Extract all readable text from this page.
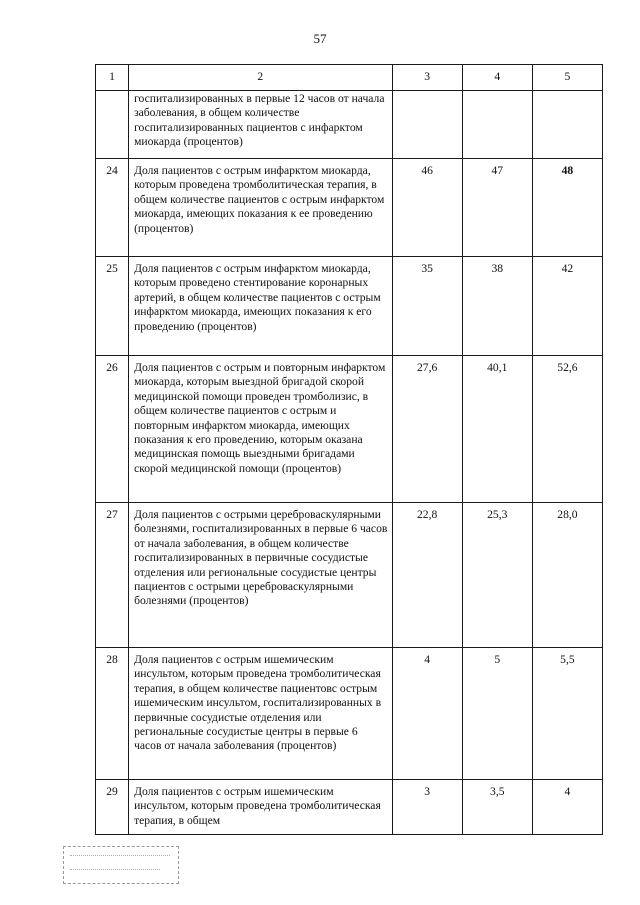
57
1	2	3	4	5
	госпитализированных в первые 12 часов от начала заболевания, в общем количестве госпитализированных пациентов с инфарктом миокарда (процентов)			
24	Доля пациентов с острым инфарктом миокарда, которым проведена тромболитическая терапия, в общем количестве пациентов с острым инфарктом миокарда, имеющих показания к ее проведению (процентов)	46	47	48
25	Доля пациентов с острым инфарктом миокарда, которым проведено стентирование коронарных артерий, в общем количестве пациентов с острым инфарктом миокарда, имеющих показания к его проведению (процентов)	35	38	42
26	Доля пациентов с острым и повторным инфарктом миокарда, которым выездной бригадой скорой медицинской помощи проведен тромболизис, в общем количестве пациентов с острым и повторным инфарктом миокарда, имеющих показания к его проведению, которым оказана медицинская помощь выездными бригадами скорой медицинской помощи (процентов)	27,6	40,1	52,6
27	Доля пациентов с острыми цереброваскулярными болезнями, госпитализированных в первые 6 часов от начала заболевания, в общем количестве госпитализированных в первичные сосудистые отделения или региональные сосудистые центры пациентов с острыми цереброваскулярными болезнями (процентов)	22,8	25,3	28,0
28	Доля пациентов с острым ишемическим инсультом, которым проведена тромболитическая терапия, в общем количестве пациентовс острым ишемическим инсультом, госпитализированных в первичные сосудистые отделения или региональные сосудистые центры в первые 6 часов от начала заболевания (процентов)	4	5	5,5
29	Доля пациентов с острым ишемическим инсультом, которым проведена тромболитическая терапия, в общем	3	3,5	4
